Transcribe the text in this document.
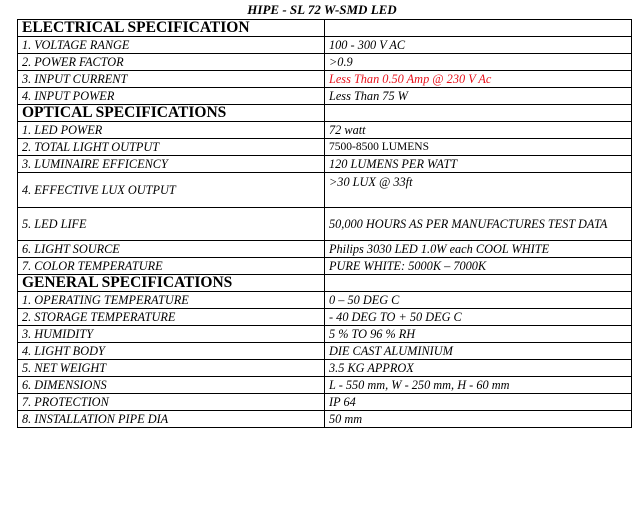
HIPE - SL 72 W-SMD LED
ELECTRICAL SPECIFICATION	
1. VOLTAGE RANGE	100 - 300 V AC
2. POWER FACTOR	>0.9
3. INPUT CURRENT	Less Than 0.50 Amp @ 230 V Ac
4. INPUT POWER	Less Than 75 W
OPTICAL SPECIFICATIONS	
1. LED POWER	72 watt
2. TOTAL LIGHT OUTPUT	7500-8500 LUMENS
3. LUMINAIRE EFFICENCY	120 LUMENS PER WATT
4. EFFECTIVE LUX OUTPUT	>30 LUX @ 33ft
5. LED LIFE	50,000 HOURS AS PER MANUFACTURES TEST DATA
6. LIGHT SOURCE	Philips 3030 LED 1.0W each COOL WHITE
7. COLOR TEMPERATURE	PURE WHITE: 5000K – 7000K
GENERAL SPECIFICATIONS	
1. OPERATING TEMPERATURE	0 – 50 DEG C
2. STORAGE TEMPERATURE	- 40 DEG TO + 50 DEG C
3. HUMIDITY	5 % TO 96 % RH
4. LIGHT BODY	DIE CAST ALUMINIUM
5. NET WEIGHT	3.5 KG APPROX
6. DIMENSIONS	L - 550 mm, W - 250 mm, H - 60 mm
7. PROTECTION	IP 64
8. INSTALLATION PIPE DIA	50 mm
